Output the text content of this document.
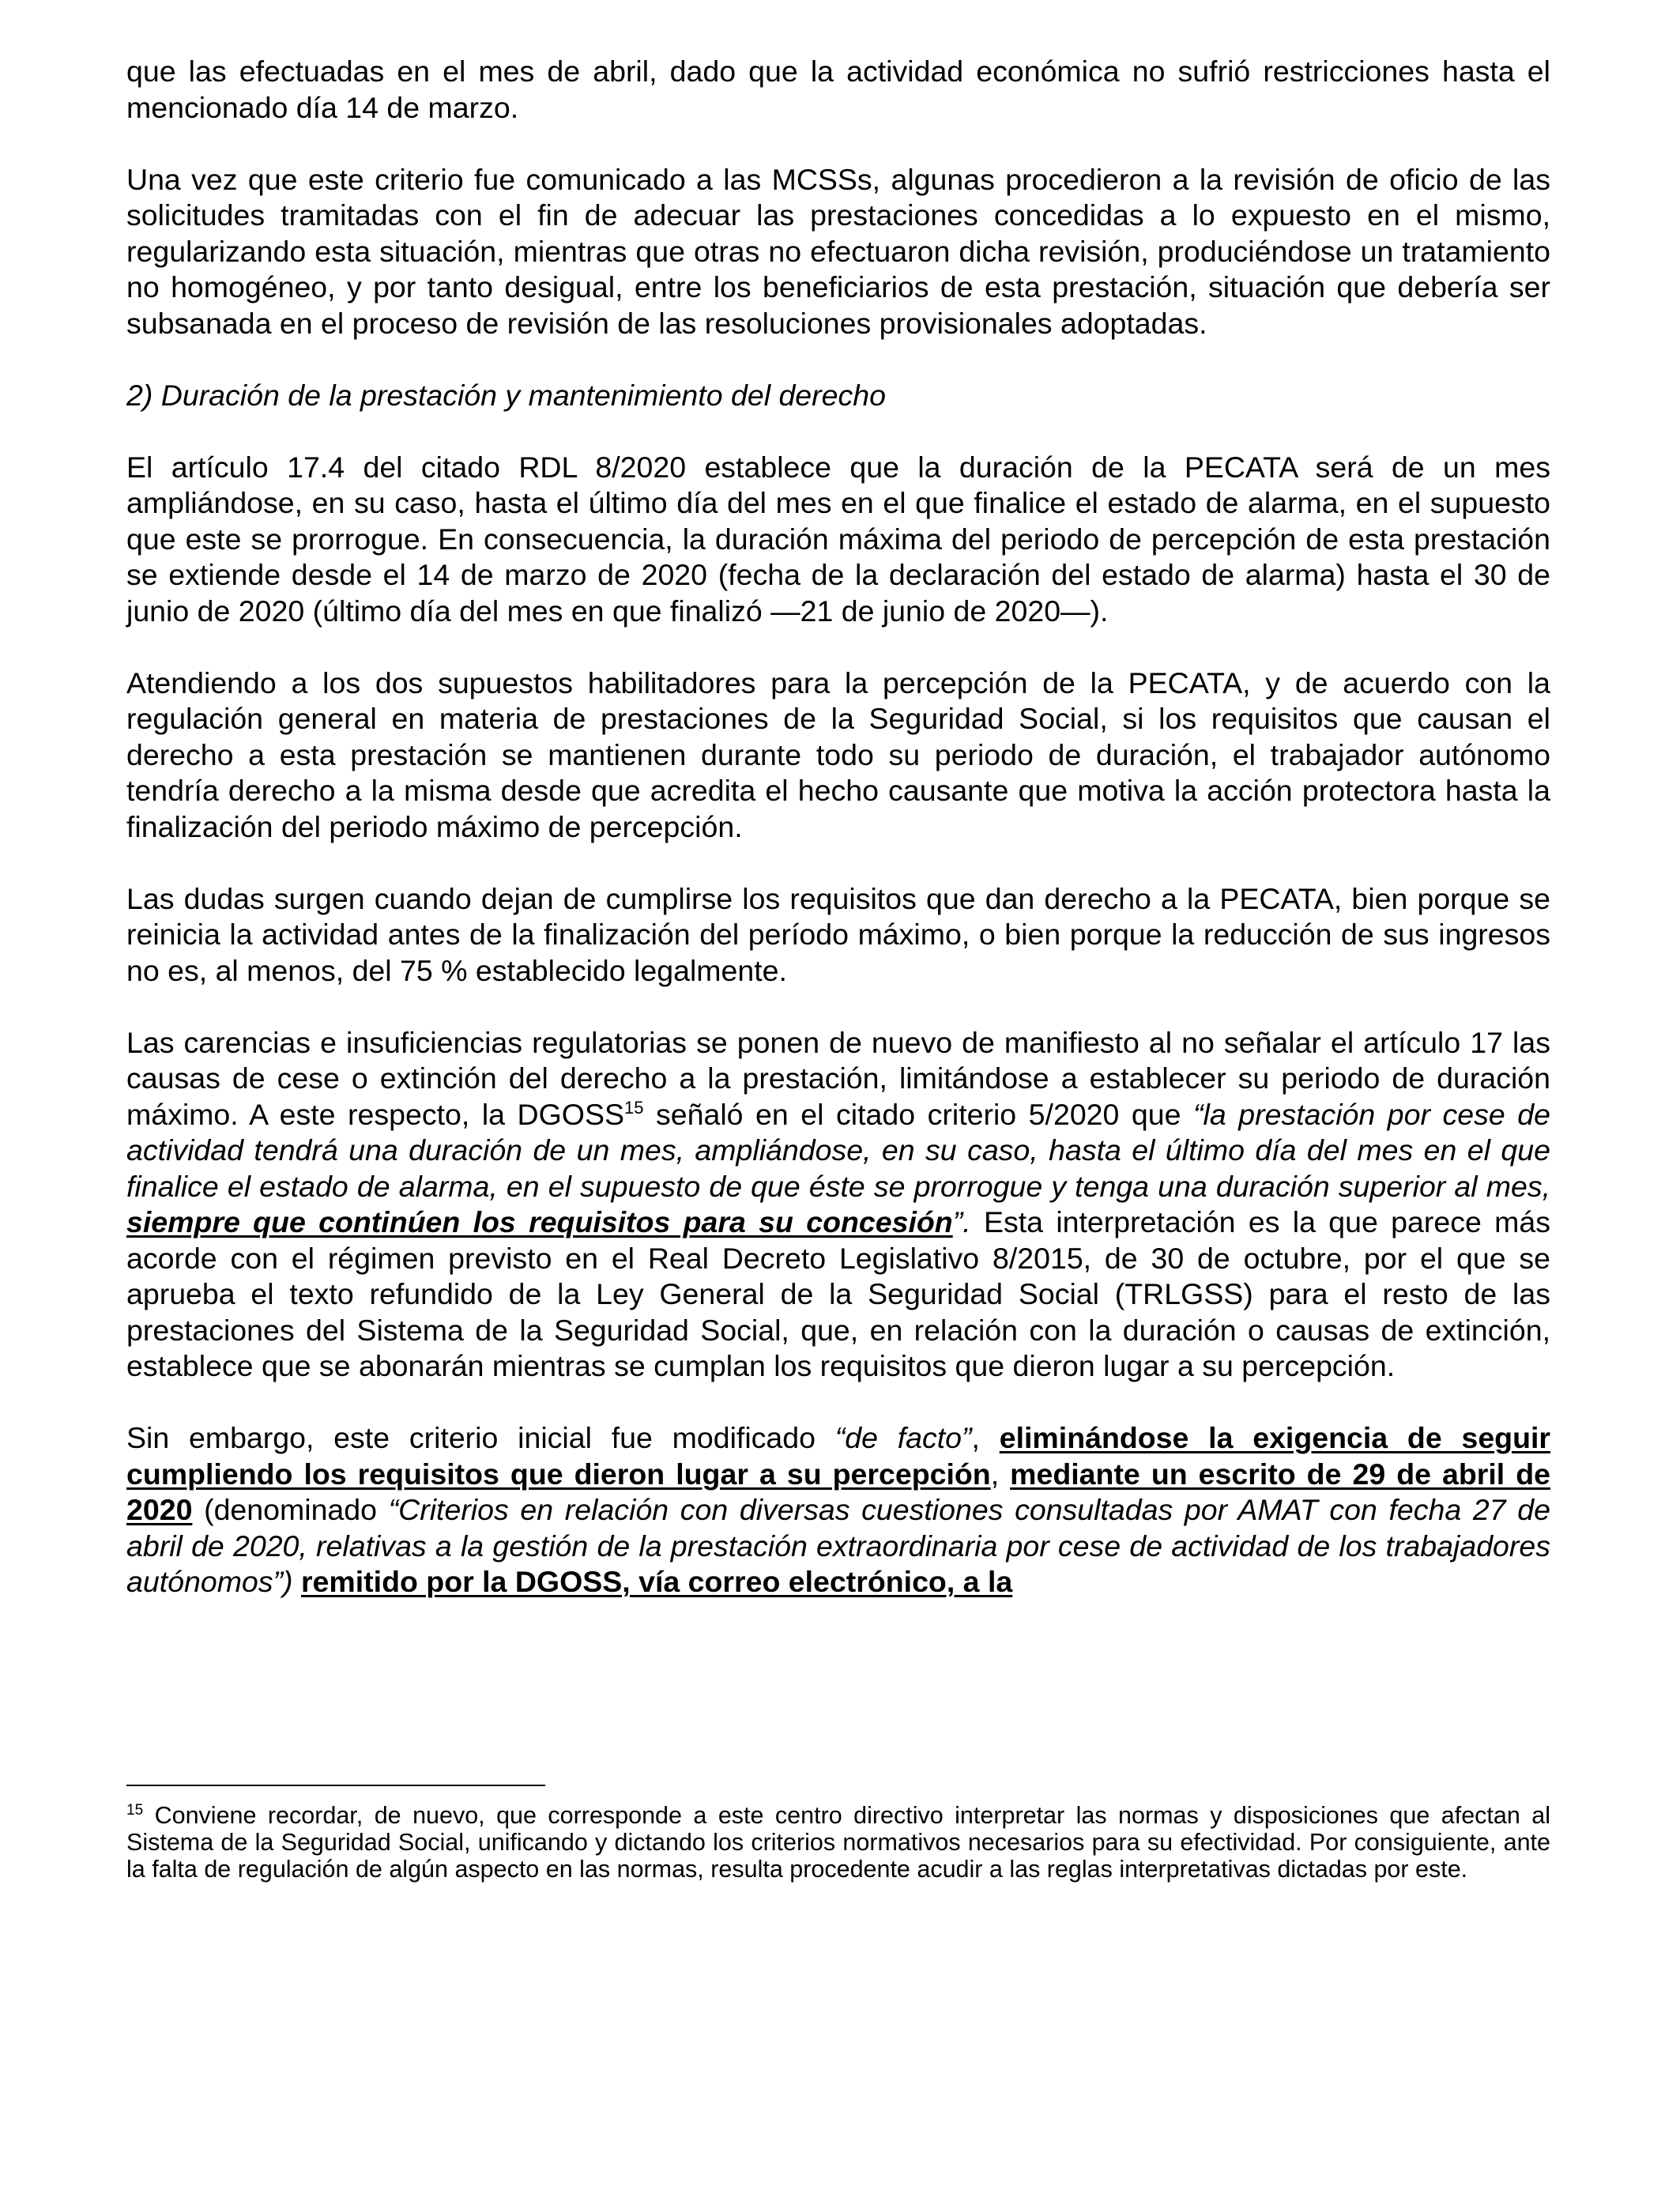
que las efectuadas en el mes de abril, dado que la actividad económica no sufrió restricciones hasta el mencionado día 14 de marzo.

Una vez que este criterio fue comunicado a las MCSSs, algunas procedieron a la revisión de oficio de las solicitudes tramitadas con el fin de adecuar las prestaciones concedidas a lo expuesto en el mismo, regularizando esta situación, mientras que otras no efectuaron dicha revisión, produciéndose un tratamiento no homogéneo, y por tanto desigual, entre los beneficiarios de esta prestación, situación que debería ser subsanada en el proceso de revisión de las resoluciones provisionales adoptadas.

2) Duración de la prestación y mantenimiento del derecho

El artículo 17.4 del citado RDL 8/2020 establece que la duración de la PECATA será de un mes ampliándose, en su caso, hasta el último día del mes en el que finalice el estado de alarma, en el supuesto que este se prorrogue. En consecuencia, la duración máxima del periodo de percepción de esta prestación se extiende desde el 14 de marzo de 2020 (fecha de la declaración del estado de alarma) hasta el 30 de junio de 2020 (último día del mes en que finalizó —21 de junio de 2020—).

Atendiendo a los dos supuestos habilitadores para la percepción de la PECATA, y de acuerdo con la regulación general en materia de prestaciones de la Seguridad Social, si los requisitos que causan el derecho a esta prestación se mantienen durante todo su periodo de duración, el trabajador autónomo tendría derecho a la misma desde que acredita el hecho causante que motiva la acción protectora hasta la finalización del periodo máximo de percepción.

Las dudas surgen cuando dejan de cumplirse los requisitos que dan derecho a la PECATA, bien porque se reinicia la actividad antes de la finalización del período máximo, o bien porque la reducción de sus ingresos no es, al menos, del 75 % establecido legalmente.

Las carencias e insuficiencias regulatorias se ponen de nuevo de manifiesto al no señalar el artículo 17 las causas de cese o extinción del derecho a la prestación, limitándose a establecer su periodo de duración máximo. A este respecto, la DGOSS$^{15}$ señaló en el citado criterio 5/2020 que “la prestación por cese de actividad tendrá una duración de un mes, ampliándose, en su caso, hasta el último día del mes en el que finalice el estado de alarma, en el supuesto de que éste se prorrogue y tenga una duración superior al mes, siempre que continúen los requisitos para su concesión”. Esta interpretación es la que parece más acorde con el régimen previsto en el Real Decreto Legislativo 8/2015, de 30 de octubre, por el que se aprueba el texto refundido de la Ley General de la Seguridad Social (TRLGSS) para el resto de las prestaciones del Sistema de la Seguridad Social, que, en relación con la duración o causas de extinción, establece que se abonarán mientras se cumplan los requisitos que dieron lugar a su percepción.

Sin embargo, este criterio inicial fue modificado “de facto”, eliminándose la exigencia de seguir cumpliendo los requisitos que dieron lugar a su percepción, mediante un escrito de 29 de abril de 2020 (denominado “Criterios en relación con diversas cuestiones consultadas por AMAT con fecha 27 de abril de 2020, relativas a la gestión de la prestación extraordinaria por cese de actividad de los trabajadores autónomos”) remitido por la DGOSS, vía correo electrónico, a la

$^{15}$ Conviene recordar, de nuevo, que corresponde a este centro directivo interpretar las normas y disposiciones que afectan al Sistema de la Seguridad Social, unificando y dictando los criterios normativos necesarios para su efectividad. Por consiguiente, ante la falta de regulación de algún aspecto en las normas, resulta procedente acudir a las reglas interpretativas dictadas por este.
